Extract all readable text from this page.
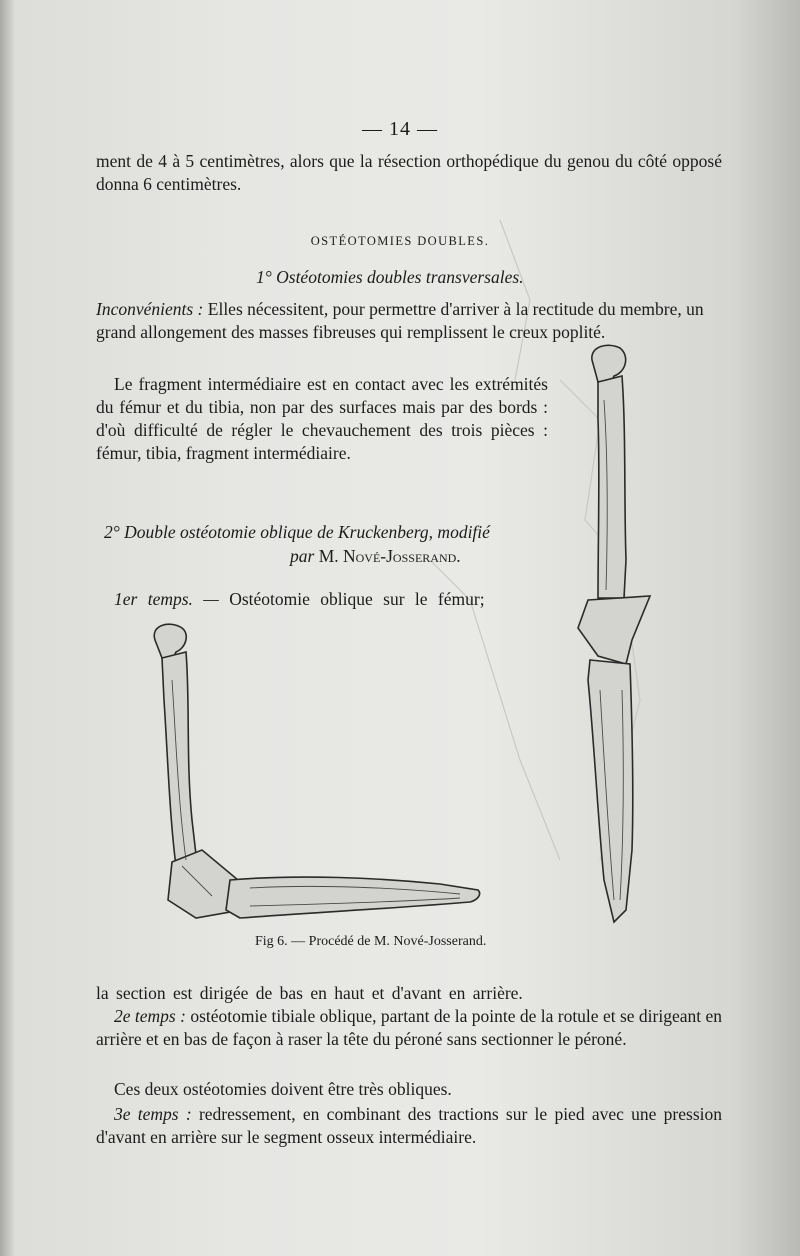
— 14 —

ment de 4 à 5 centimètres, alors que la résection orthopédique du genou du côté opposé donna 6 centimètres.

OSTÉOTOMIES DOUBLES.
1° Ostéotomies doubles transversales.

Inconvénients : Elles nécessitent, pour permettre d'arriver à la rectitude du membre, un grand allongement des masses fibreuses qui remplissent le creux poplité.

Le fragment intermédiaire est en contact avec les extrémités du fémur et du tibia, non par des surfaces mais par des bords : d'où difficulté de régler le chevauchement des trois pièces : fémur, tibia, fragment intermédiaire.

2° Double ostéotomie oblique de Kruckenberg, modifié
par M. Nové-Josserand.
1er temps. — Ostéotomie oblique sur le fémur;
Fig 6. — Procédé de M. Nové-Josserand.

la section est dirigée de bas en haut et d'avant en arrière.

2e temps : ostéotomie tibiale oblique, partant de la pointe de la rotule et se dirigeant en arrière et en bas de façon à raser la tête du péroné sans sectionner le péroné.

Ces deux ostéotomies doivent être très obliques.

3e temps : redressement, en combinant des tractions sur le pied avec une pression d'avant en arrière sur le segment osseux intermédiaire.
